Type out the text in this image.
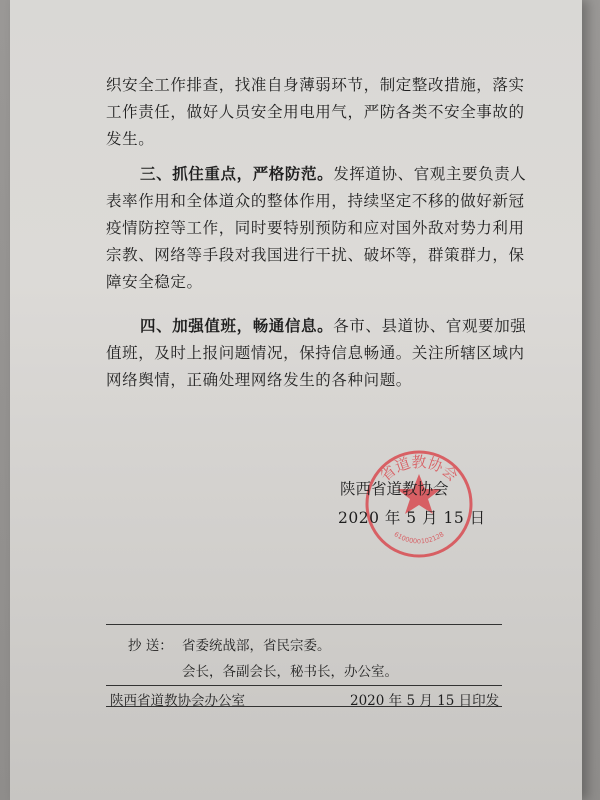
织安全工作排查，找准自身薄弱环节，制定整改措施，落实
工作责任，做好人员安全用电用气，严防各类不安全事故的
发生。
三、抓住重点，严格防范。发挥道协、官观主要负责人
表率作用和全体道众的整体作用，持续坚定不移的做好新冠
疫情防控等工作，同时要特别预防和应对国外敌对势力利用
宗教、网络等手段对我国进行干扰、破坏等，群策群力，保
障安全稳定。
四、加强值班，畅通信息。各市、县道协、官观要加强
值班，及时上报问题情况，保持信息畅通。关注所辖区域内
网络舆情，正确处理网络发生的各种问题。
省道教协会
6100000102128
陕西省道教协会
2020 年 5 月 15 日
抄 送： 省委统战部，省民宗委。
会长，各副会长，秘书长，办公室。
陕西省道教协会办公室	2020 年 5 月 15 日印发
